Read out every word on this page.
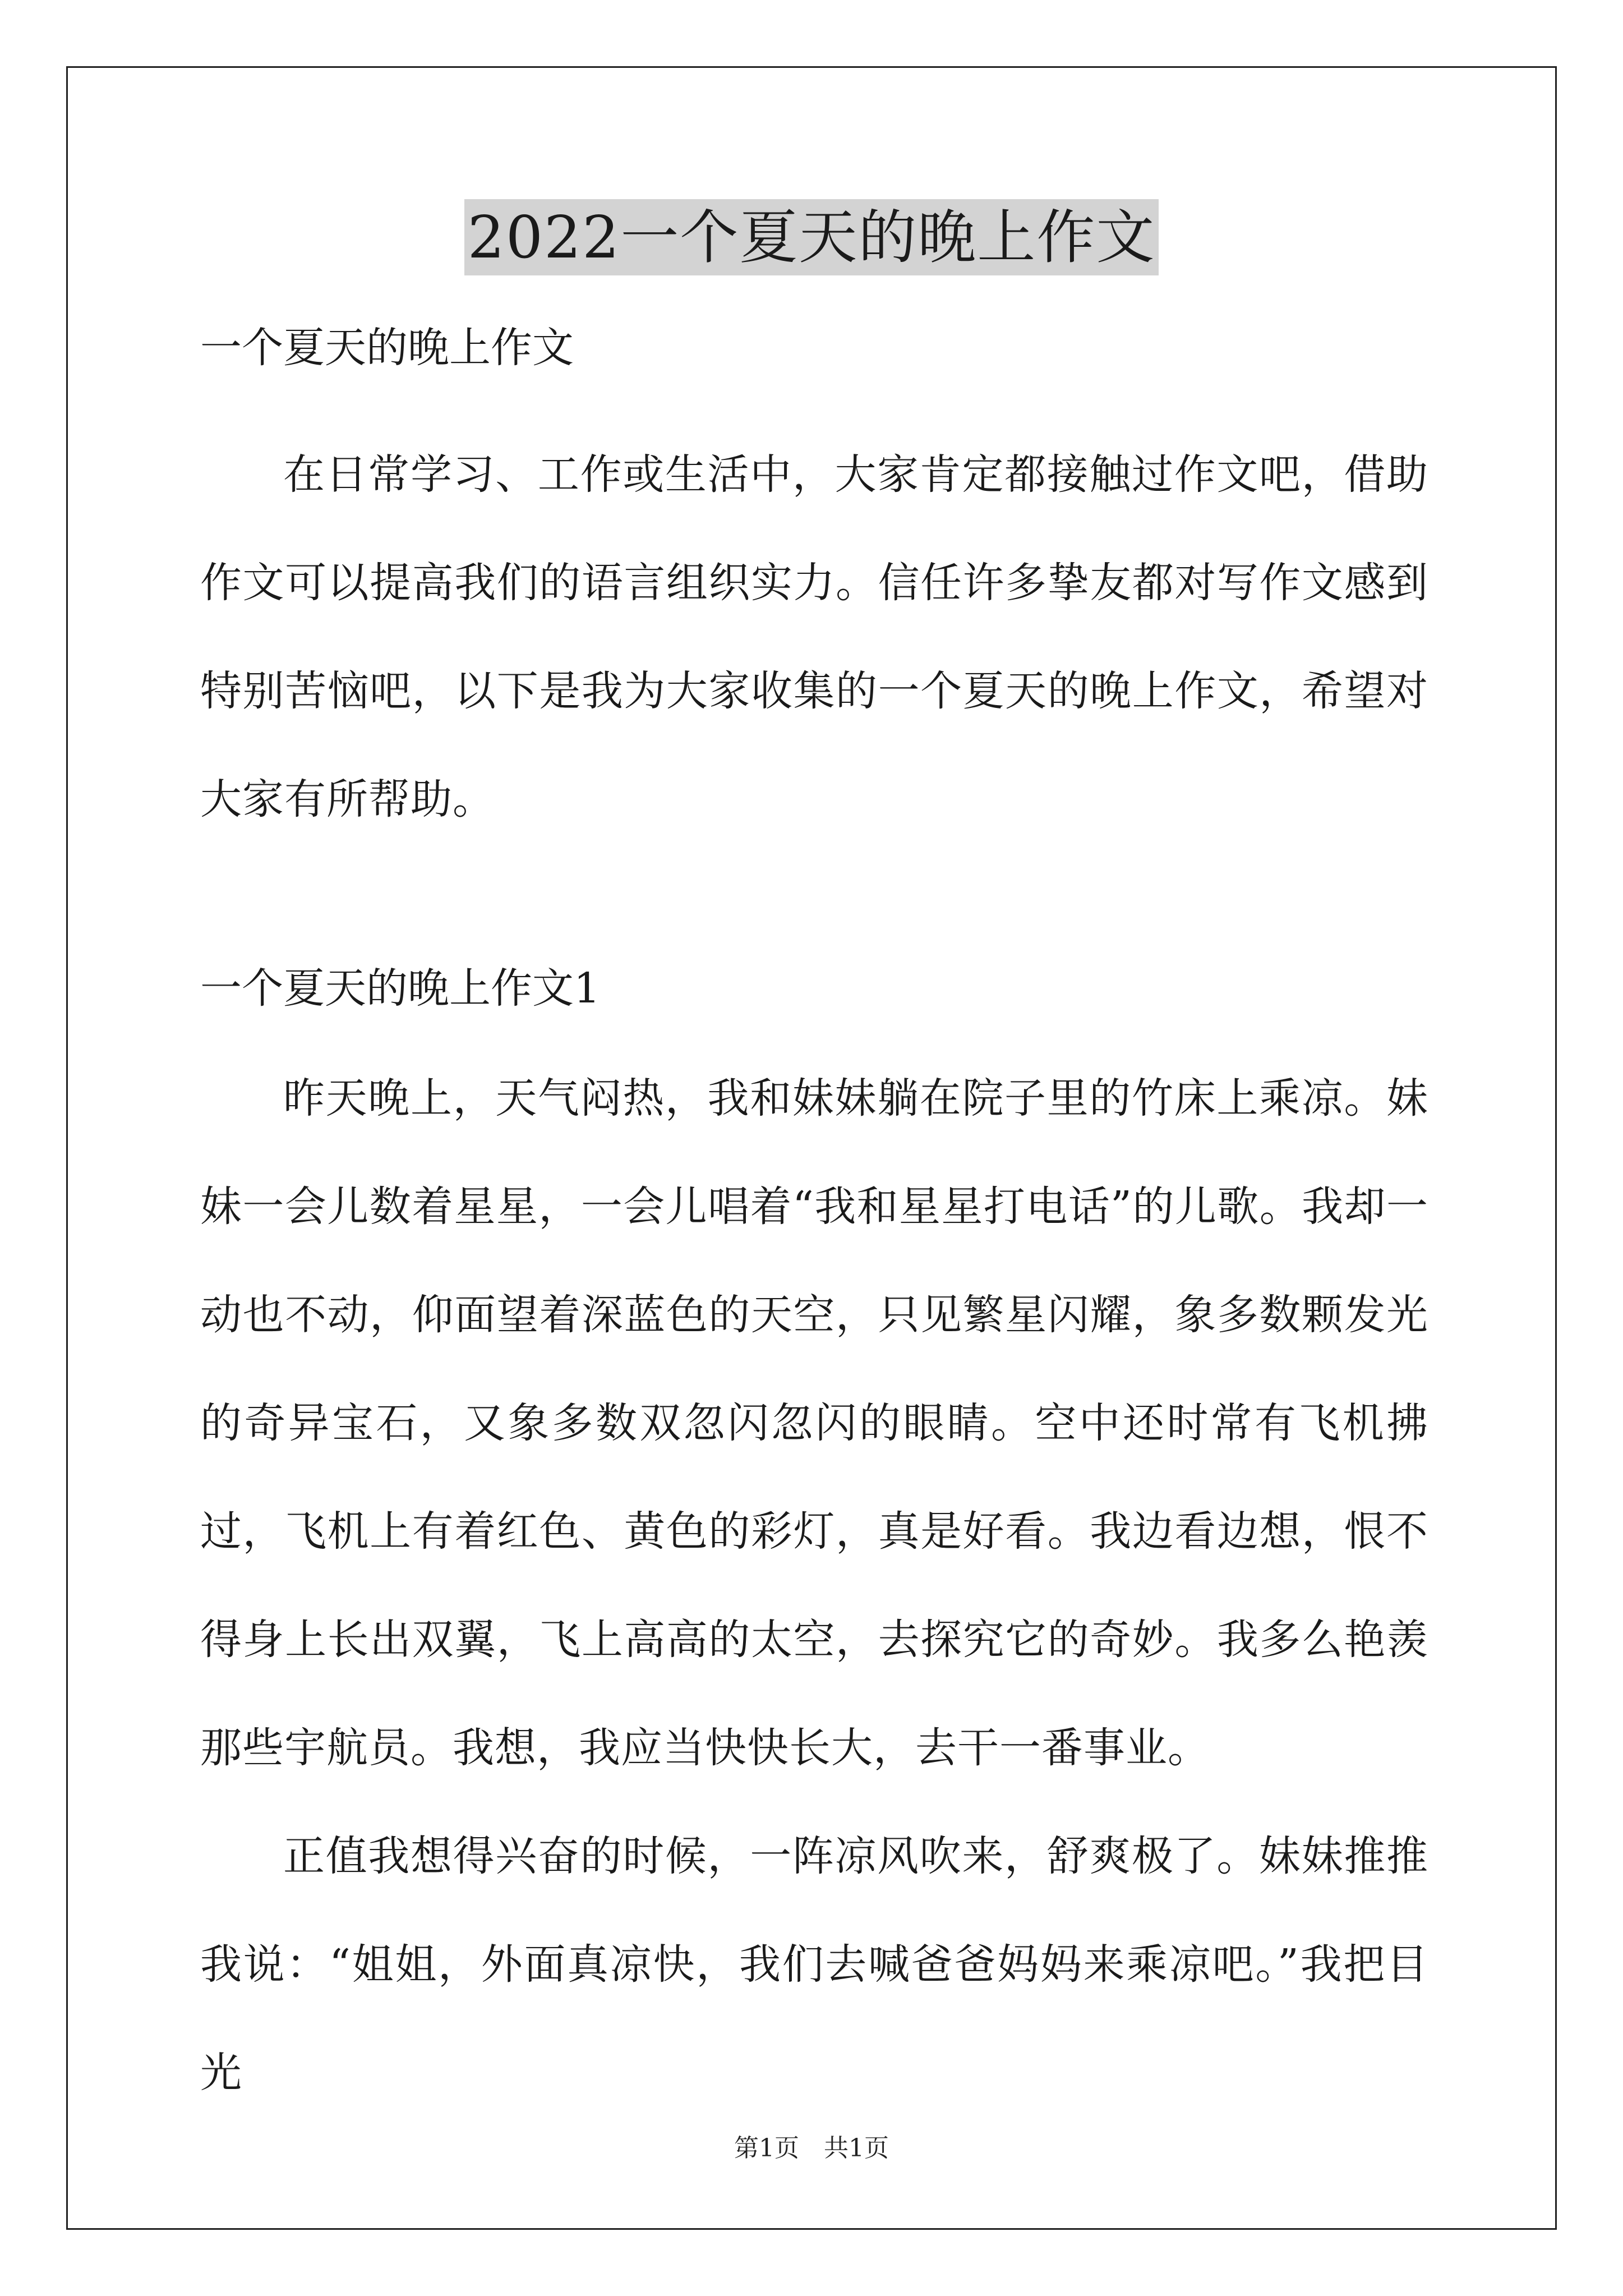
2022一个夏天的晚上作文

一个夏天的晚上作文

在日常学习、工作或生活中，大家肯定都接触过作文吧，借助作文可以提高我们的语言组织实力。信任许多挚友都对写作文感到特别苦恼吧，以下是我为大家收集的一个夏天的晚上作文，希望对大家有所帮助。

一个夏天的晚上作文1

昨天晚上，天气闷热，我和妹妹躺在院子里的竹床上乘凉。妹妹一会儿数着星星，一会儿唱着“我和星星打电话”的儿歌。我却一动也不动，仰面望着深蓝色的天空，只见繁星闪耀，象多数颗发光的奇异宝石，又象多数双忽闪忽闪的眼睛。空中还时常有飞机拂过，飞机上有着红色、黄色的彩灯，真是好看。我边看边想，恨不得身上长出双翼，飞上高高的太空，去探究它的奇妙。我多么艳羡那些宇航员。我想，我应当快快长大，去干一番事业。

正值我想得兴奋的时候，一阵凉风吹来，舒爽极了。妹妹推推我说：“姐姐，外面真凉快，我们去喊爸爸妈妈来乘凉吧。”我把目光

第1页　共1页
